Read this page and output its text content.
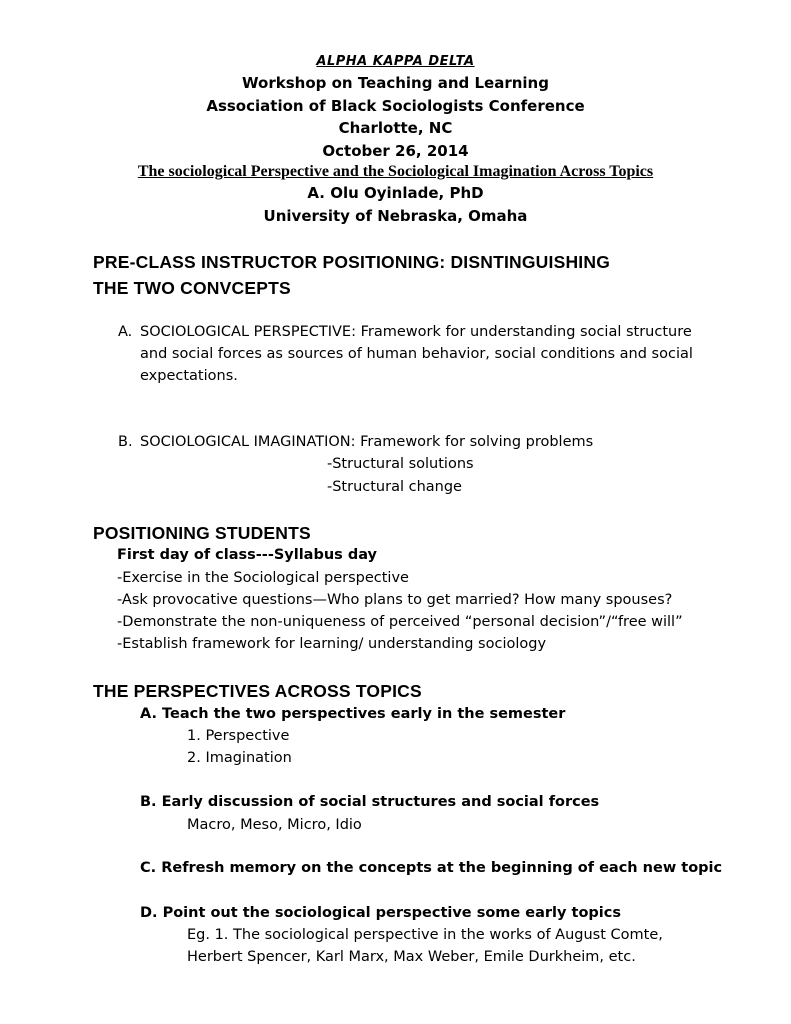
ALPHA KAPPA DELTA
Workshop on Teaching and Learning
Association of Black Sociologists Conference
Charlotte, NC
October 26, 2014
The sociological Perspective and the Sociological Imagination Across Topics
A. Olu Oyinlade, PhD
University of Nebraska, Omaha
PRE-CLASS INSTRUCTOR POSITIONING: DISNTINGUISHING
THE TWO CONVCEPTS
A. SOCIOLOGICAL PERSPECTIVE: Framework for understanding social structure
and social forces as sources of human behavior, social conditions and social
expectations.
B. SOCIOLOGICAL IMAGINATION: Framework for solving problems
-Structural solutions
-Structural change
POSITIONING STUDENTS
First day of class---Syllabus day
-Exercise in the Sociological perspective
-Ask provocative questions—Who plans to get married? How many spouses?
-Demonstrate the non-uniqueness of perceived “personal decision”/“free will”
-Establish framework for learning/ understanding sociology
THE PERSPECTIVES ACROSS TOPICS
A. Teach the two perspectives early in the semester
1. Perspective
2. Imagination
B. Early discussion of social structures and social forces
Macro, Meso, Micro, Idio
C. Refresh memory on the concepts at the beginning of each new topic
D. Point out the sociological perspective some early topics
Eg. 1. The sociological perspective in the works of August Comte,
Herbert Spencer, Karl Marx, Max Weber, Emile Durkheim, etc.
